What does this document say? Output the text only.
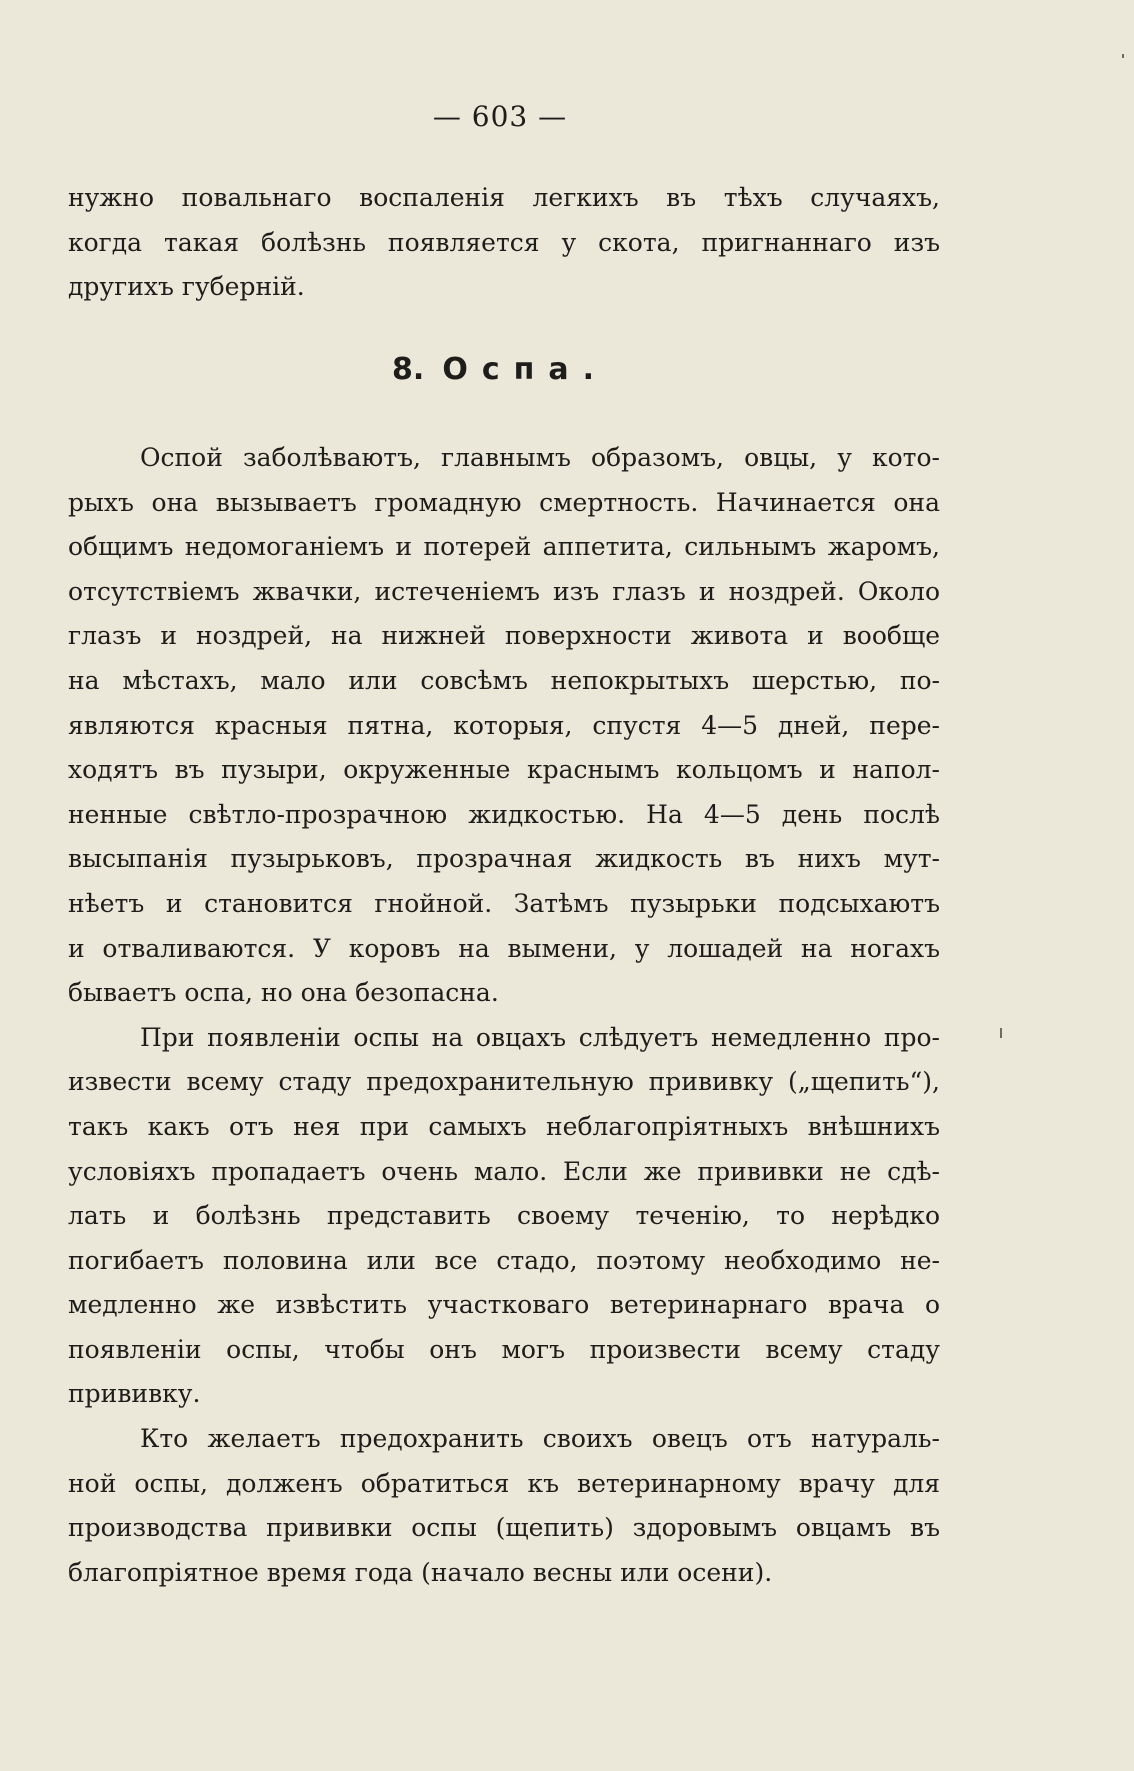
— 603 —
нужно повальнаго воспаленія легкихъ въ тѣхъ случаяхъ,
когда такая болѣзнь появляется у скота, пригнаннаго изъ
другихъ губерній.
8. Оспа.
Оспой заболѣваютъ, главнымъ образомъ, овцы, у кото-
рыхъ она вызываетъ громадную смертность. Начинается она
общимъ недомоганіемъ и потерей аппетита, сильнымъ жаромъ,
отсутствіемъ жвачки, истеченіемъ изъ глазъ и ноздрей. Около
глазъ и ноздрей, на нижней поверхности живота и вообще
на мѣстахъ, мало или совсѣмъ непокрытыхъ шерстью, по-
являются красныя пятна, которыя, спустя 4—5 дней, пере-
ходятъ въ пузыри, окруженные краснымъ кольцомъ и напол-
ненные свѣтло-прозрачною жидкостью. На 4—5 день послѣ
высыпанія пузырьковъ, прозрачная жидкость въ нихъ мут-
нѣетъ и становится гнойной. Затѣмъ пузырьки подсыхаютъ
и отваливаются. У коровъ на вымени, у лошадей на ногахъ
бываетъ оспа, но она безопасна.
При появленіи оспы на овцахъ слѣдуетъ немедленно про-
извести всему стаду предохранительную прививку („щепить“),
такъ какъ отъ нея при самыхъ неблагопріятныхъ внѣшнихъ
условіяхъ пропадаетъ очень мало. Если же прививки не сдѣ-
лать и болѣзнь представить своему теченію, то нерѣдко
погибаетъ половина или все стадо, поэтому необходимо не-
медленно же извѣстить участковаго ветеринарнаго врача о
появленіи оспы, чтобы онъ могъ произвести всему стаду
прививку.
Кто желаетъ предохранить своихъ овецъ отъ натураль-
ной оспы, долженъ обратиться къ ветеринарному врачу для
производства прививки оспы (щепить) здоровымъ овцамъ въ
благопріятное время года (начало весны или осени).
